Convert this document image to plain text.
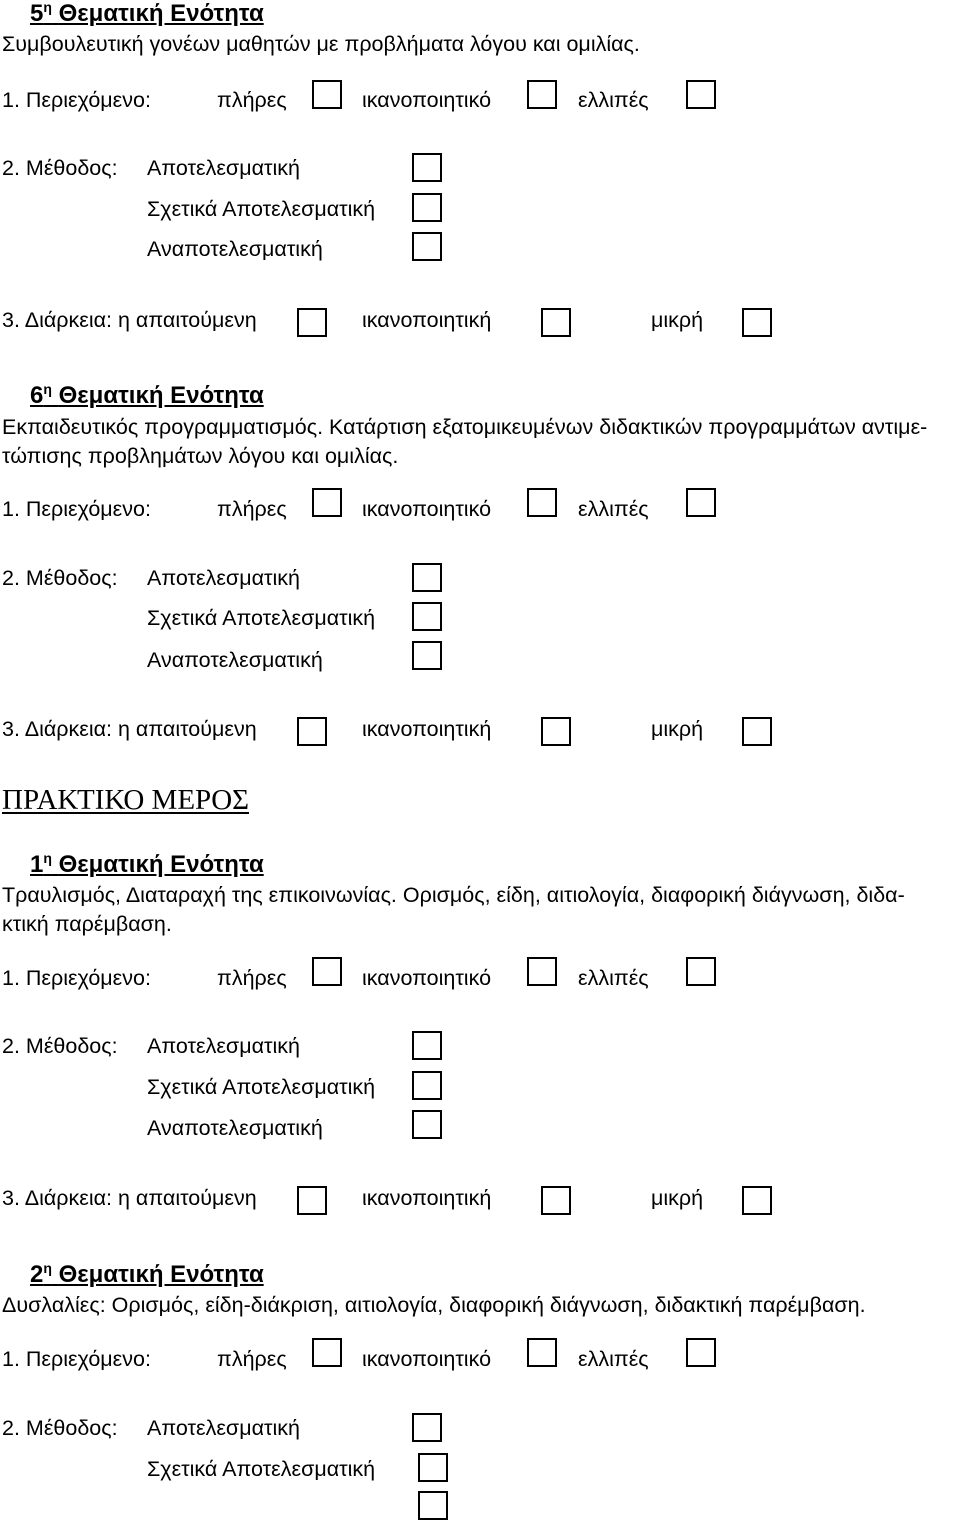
$5^\eta$ Θεματική Ενότητα
Συμβουλευτική γονέων μαθητών με προβλήματα λόγου και ομιλίας.
1. Περιεχόμενο:	πλήρες	ικανοποιητικό	ελλιπές
2. Μέθοδος: Αποτελεσματική
Σχετικά Αποτελεσματική
Αναποτελεσματική
3. Διάρκεια: η απαιτούμενη	ικανοποιητική	μικρή
$6^\eta$ Θεματική Ενότητα
Εκπαιδευτικός προγραμματισμός. Κατάρτιση εξατομικευμένων διδακτικών προγραμμάτων αντιμε-
τώπισης προβλημάτων λόγου και ομιλίας.
1. Περιεχόμενο:	πλήρες	ικανοποιητικό	ελλιπές
2. Μέθοδος: Αποτελεσματική
Σχετικά Αποτελεσματική
Αναποτελεσματική
3. Διάρκεια: η απαιτούμενη	ικανοποιητική	μικρή
ΠΡΑΚΤΙΚΟ ΜΕΡΟΣ
$1^\eta$ Θεματική Ενότητα
Τραυλισμός, Διαταραχή της επικοινωνίας. Ορισμός, είδη, αιτιολογία, διαφορική διάγνωση, διδα-
κτική παρέμβαση.
1. Περιεχόμενο:	πλήρες	ικανοποιητικό	ελλιπές
2. Μέθοδος: Αποτελεσματική
Σχετικά Αποτελεσματική
Αναποτελεσματική
3. Διάρκεια: η απαιτούμενη	ικανοποιητική	μικρή
$2^\eta$ Θεματική Ενότητα
Δυσλαλίες: Ορισμός, είδη-διάκριση, αιτιολογία, διαφορική διάγνωση, διδακτική παρέμβαση.
1. Περιεχόμενο:	πλήρες	ικανοποιητικό	ελλιπές
2. Μέθοδος: Αποτελεσματική
Σχετικά Αποτελεσματική
